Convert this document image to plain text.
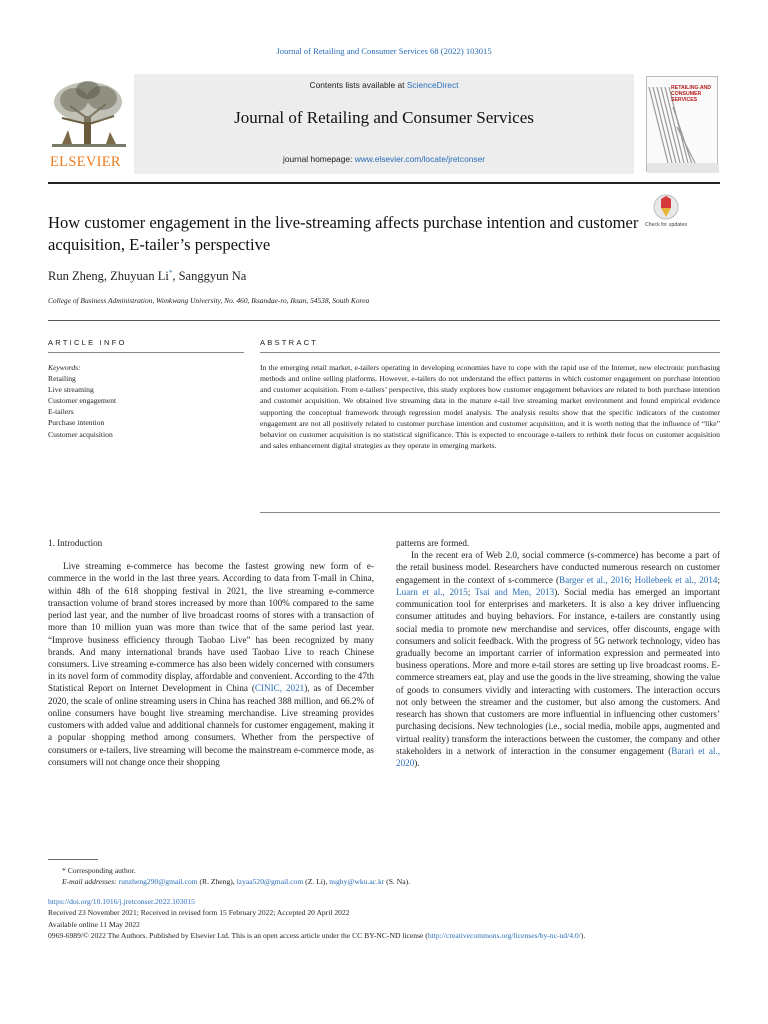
Journal of Retailing and Consumer Services 68 (2022) 103015
ELSEVIER
Contents lists available at ScienceDirect
Journal of Retailing and Consumer Services
journal homepage: www.elsevier.com/locate/jretconser
RETAILING AND CONSUMER SERVICES
How customer engagement in the live-streaming affects purchase intention and customer acquisition, E-tailer’s perspective
Check for updates
Run Zheng, Zhuyuan Li*, Sanggyun Na
College of Business Administration, Wonkwang University, No. 460, Iksandae-ro, Iksan, 54538, South Korea
ARTICLE INFO	ABSTRACT
Keywords:
Retailing
Live streaming
Customer engagement
E-tailers
Purchase intention
Customer acquisition
In the emerging retail market, e-tailers operating in developing economies have to cope with the rapid use of the Internet, new electronic purchasing methods and online selling platforms. However, e-tailers do not understand the effect patterns in which customer engagement on purchase intention and customer acquisition. From e-tailers’ perspective, this study explores how customer engagement behaviors are related to both purchase intention and customer acquisition. We obtained live streaming data in the mature e-tail live streaming market environment and found empirical evidence supporting the conceptual framework through regression model analysis. The analysis results show that the specific indicators of the customer engagement are not all positively related to customer purchase intention and customer acquisition, and it is worth noting that the influence of “like” behavior on customer acquisition is no statistical significance. This is expected to encourage e-tailers to rethink their focus on customer acquisition and sales enhancement digital strategies as they operate in emerging markets.
1. Introduction

Live streaming e-commerce has become the fastest growing new form of e-commerce in the world in the last three years. According to data from T-mall in China, within 48h of the 618 shopping festival in 2021, the live streaming e-commerce transaction volume of brand stores increased by more than 100% compared to the same period last year, and the number of live broadcast rooms of stores with a transaction of more than 10 million yuan was more than twice that of the same period last year. “Improve business efficiency through Taobao Live” has been recognized by many brands. And many international brands have used Taobao Live to reach Chinese consumers. Live streaming e-commerce has also been widely concerned with consumers in its novel form of commodity display, affordable and convenient. According to the 47th Statistical Report on Internet Development in China (CINIC, 2021), as of December 2020, the scale of online streaming users in China has reached 388 million, and 66.2% of online consumers have bought live streaming merchandise. Live streaming provides customers with added value and additional channels for customer engagement, making it a popular shopping method among consumers. Whether from the perspective of consumers or e-tailers, live streaming will become the mainstream e-commerce mode, as consumers will not change once their shopping

patterns are formed.

In the recent era of Web 2.0, social commerce (s-commerce) has become a part of the retail business model. Researchers have conducted numerous research on customer engagement in the context of s-commerce (Barger et al., 2016; Hollebeek et al., 2014; Luarn et al., 2015; Tsai and Men, 2013). Social media has emerged an important communication tool for enterprises and marketers. It is also a key driver influencing consumer attitudes and buying behaviors. For instance, e-tailers are constantly using social media to promote new merchandise and services, offer discounts, engage with consumers and solicit feedback. With the progress of 5G network technology, video has gradually become an important carrier of information expression and permeated into business operations. More and more e-tail stores are setting up live broadcast rooms. E-commerce streamers eat, play and use the goods in the live streaming, showing the value of goods to consumers vividly and interacting with customers. The interaction occurs not only between the streamer and the customer, but also among the customers. And research has shown that customers are more influential in influencing other customers’ purchasing decisions. New technologies (i.e., social media, mobile apps, augmented and virtual reality) transform the interactions between the customer, the company and other stakeholders in a network of interaction in the consumer engagement (Barari et al., 2020).

* Corresponding author.
E-mail addresses: runzheng290@gmail.com (R. Zheng), lzyaa520@gmail.com (Z. Li), nsghy@wku.ac.kr (S. Na).
https://doi.org/10.1016/j.jretconser.2022.103015
Received 23 November 2021; Received in revised form 15 February 2022; Accepted 20 April 2022
Available online 11 May 2022
0969-6989/© 2022 The Authors. Published by Elsevier Ltd. This is an open access article under the CC BY-NC-ND license (http://creativecommons.org/licenses/by-nc-nd/4.0/).
